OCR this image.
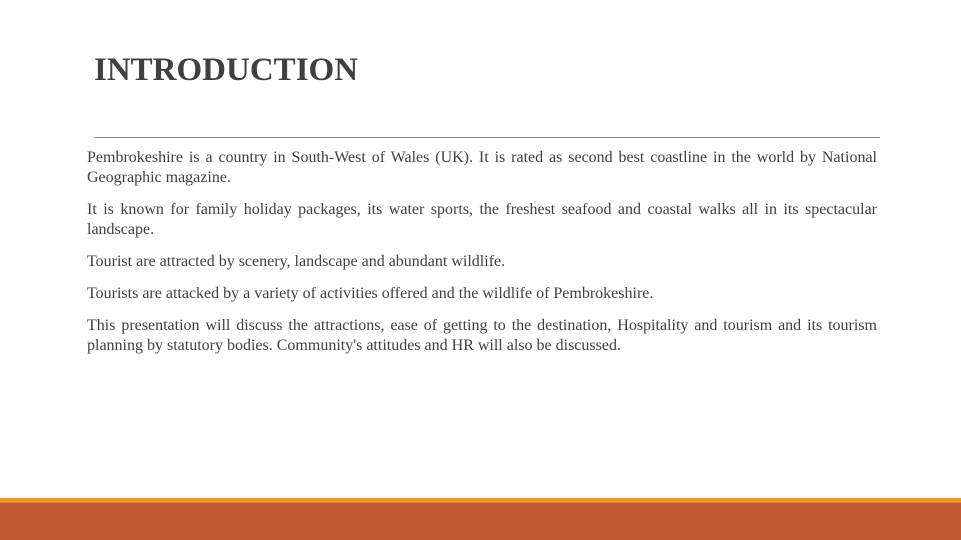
INTRODUCTION

Pembrokeshire is a country in South-West of Wales (UK). It is rated as second best coastline in the world by National Geographic magazine.

It is known for family holiday packages, its water sports, the freshest seafood and coastal walks all in its spectacular landscape.

Tourist are attracted by scenery, landscape and abundant wildlife.

Tourists are attacked by a variety of activities offered and the wildlife of Pembrokeshire.

This presentation will discuss the attractions, ease of getting to the destination, Hospitality and tourism and its tourism planning by statutory bodies. Community's attitudes and HR will also be discussed.
